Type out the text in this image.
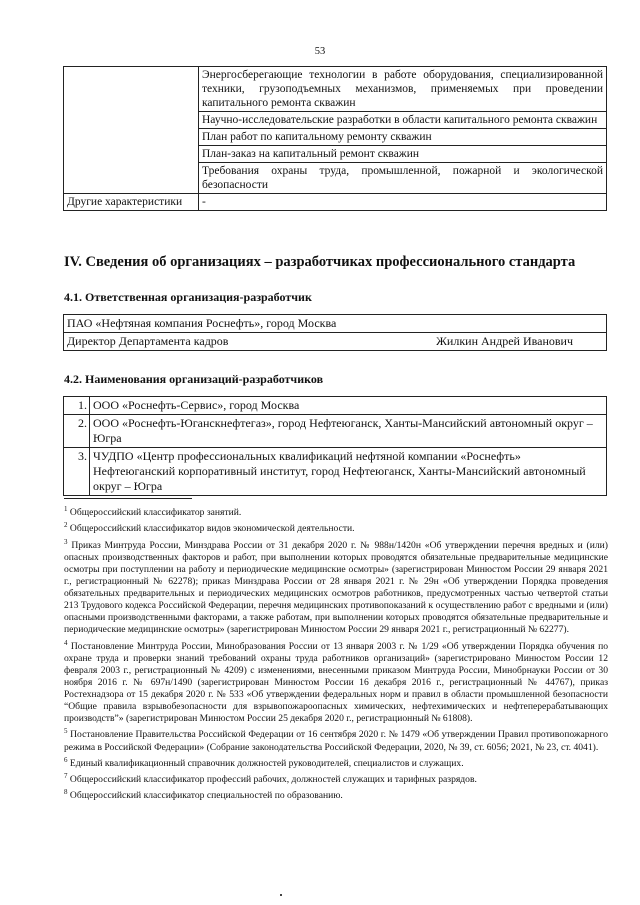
53
	Энергосберегающие технологии в работе оборудования, специализированной техники, грузоподъемных механизмов, применяемых при проведении капитального ремонта скважин
	Научно-исследовательские разработки в области капитального ремонта скважин
	План работ по капитальному ремонту скважин
	План-заказ на капитальный ремонт скважин
	Требования охраны труда, промышленной, пожарной и экологической безопасности
Другие характеристики	-
IV. Сведения об организациях – разработчиках профессионального стандарта
4.1. Ответственная организация-разработчик
ПАО «Нефтяная компания Роснефть», город Москва

Директор Департамента кадров	Жилкин Андрей Иванович
4.2. Наименования организаций-разработчиков
1.	ООО «Роснефть-Сервис», город Москва
2.	ООО «Роснефть-Юганскнефтегаз», город Нефтеюганск, Ханты-Мансийский автономный округ – Югра
3.	ЧУДПО «Центр профессиональных квалификаций нефтяной компании «Роснефть» Нефтеюганский корпоративный институт, город Нефтеюганск, Ханты-Мансийский автономный округ – Югра

$^1$ Общероссийский классификатор занятий.

$^2$ Общероссийский классификатор видов экономической деятельности.

$^3$ Приказ Минтруда России, Минздрава России от 31 декабря 2020 г. № 988н/1420н «Об утверждении перечня вредных и (или) опасных производственных факторов и работ, при выполнении которых проводятся обязательные предварительные медицинские осмотры при поступлении на работу и периодические медицинские осмотры» (зарегистрирован Минюстом России 29 января 2021 г., регистрационный № 62278); приказ Минздрава России от 28 января 2021 г. № 29н «Об утверждении Порядка проведения обязательных предварительных и периодических медицинских осмотров работников, предусмотренных частью четвертой статьи 213 Трудового кодекса Российской Федерации, перечня медицинских противопоказаний к осуществлению работ с вредными и (или) опасными производственными факторами, а также работам, при выполнении которых проводятся обязательные предварительные и периодические медицинские осмотры» (зарегистрирован Минюстом России 29 января 2021 г., регистрационный № 62277).

$^4$ Постановление Минтруда России, Минобразования России от 13 января 2003 г. № 1/29 «Об утверждении Порядка обучения по охране труда и проверки знаний требований охраны труда работников организаций» (зарегистрировано Минюстом России 12 февраля 2003 г., регистрационный № 4209) с изменениями, внесенными приказом Минтруда России, Минобрнауки России от 30 ноября 2016 г. № 697н/1490 (зарегистрирован Минюстом России 16 декабря 2016 г., регистрационный № 44767), приказ Ростехнадзора от 15 декабря 2020 г. № 533 «Об утверждении федеральных норм и правил в области промышленной безопасности “Общие правила взрывобезопасности для взрывопожароопасных химических, нефтехимических и нефтеперерабатывающих производств”» (зарегистрирован Минюстом России 25 декабря 2020 г., регистрационный № 61808).

$^5$ Постановление Правительства Российской Федерации от 16 сентября 2020 г. № 1479 «Об утверждении Правил противопожарного режима в Российской Федерации» (Собрание законодательства Российской Федерации, 2020, № 39, ст. 6056; 2021, № 23, ст. 4041).

$^6$ Единый квалификационный справочник должностей руководителей, специалистов и служащих.

$^7$ Общероссийский классификатор профессий рабочих, должностей служащих и тарифных разрядов.

$^8$ Общероссийский классификатор специальностей по образованию.
